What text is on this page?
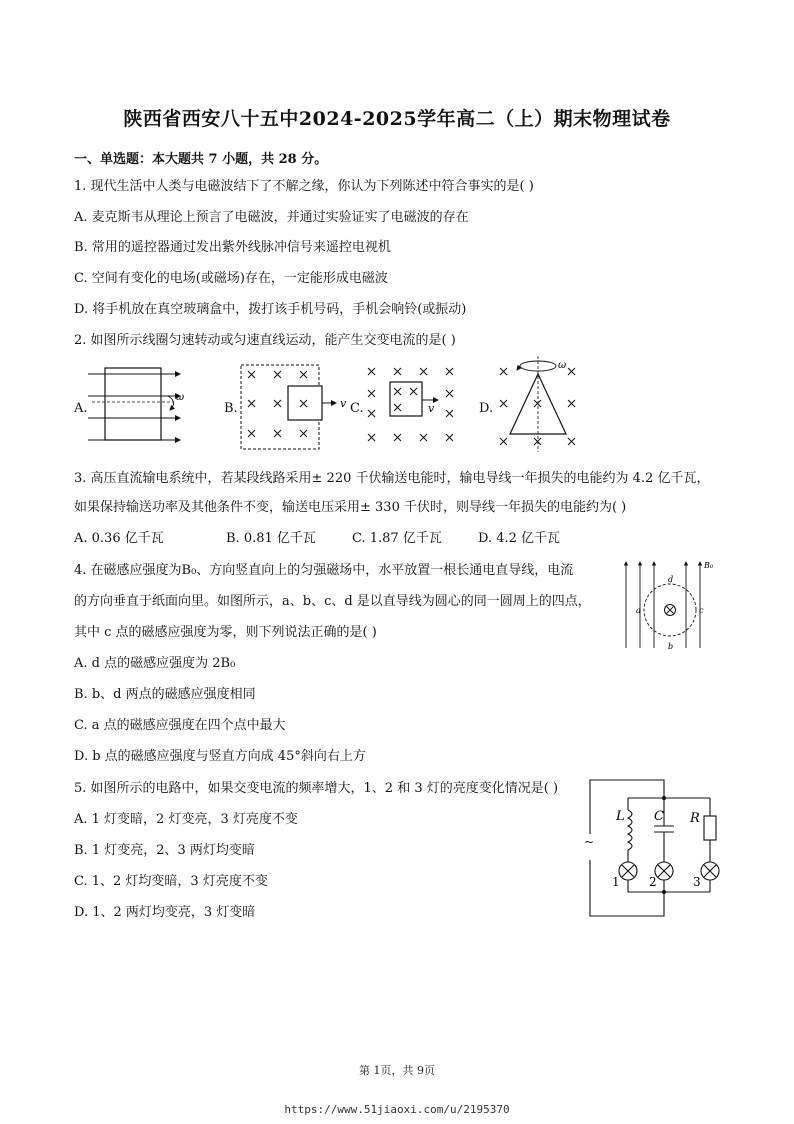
陕西省西安八十五中2024-2025学年高二（上）期末物理试卷
一、单选题：本大题共 7 小题，共 28 分。
1. 现代生活中人类与电磁波结下了不解之缘，你认为下列陈述中符合事实的是( )
A. 麦克斯韦从理论上预言了电磁波，并通过实验证实了电磁波的存在
B. 常用的遥控器通过发出紫外线脉冲信号来遥控电视机
C. 空间有变化的电场(或磁场)存在，一定能形成电磁波
D. 将手机放在真空玻璃盒中，拨打该手机号码，手机会响铃(或振动)
2. 如图所示线圈匀速转动或匀速直线运动，能产生交变电流的是( )
A.	B.	C.	D.
ω	v	v
ω
3. 高压直流输电系统中，若某段线路采用± 220 千伏输送电能时，输电导线一年损失的电能约为 4.2 亿千瓦，
如果保持输送功率及其他条件不变，输送电压采用± 330 千伏时，则导线一年损失的电能约为( )
A. 0.36 亿千瓦	B. 0.81 亿千瓦	C. 1.87 亿千瓦	D. 4.2 亿千瓦
4. 在磁感应强度为B₀、方向竖直向上的匀强磁场中，水平放置一根长通电直导线，电流
的方向垂直于纸面向里。如图所示，a、b、c、d 是以直导线为圆心的同一圆周上的四点，
其中 c 点的磁感应强度为零，则下列说法正确的是( )
A. d 点的磁感应强度为 2B₀
B. b、d 两点的磁感应强度相同
C. a 点的磁感应强度在四个点中最大
D. b 点的磁感应强度与竖直方向成 45°斜向右上方
B₀
a
b
c
d
5. 如图所示的电路中，如果交变电流的频率增大，1、2 和 3 灯的亮度变化情况是( )
A. 1 灯变暗，2 灯变亮，3 灯亮度不变
B. 1 灯变亮，2、3 两灯均变暗
C. 1、2 灯均变暗，3 灯亮度不变
D. 1、2 两灯均变亮，3 灯变暗
~
L C R
1 2	3
第 1页，共 9页
https://www.51jiaoxi.com/u/2195370
